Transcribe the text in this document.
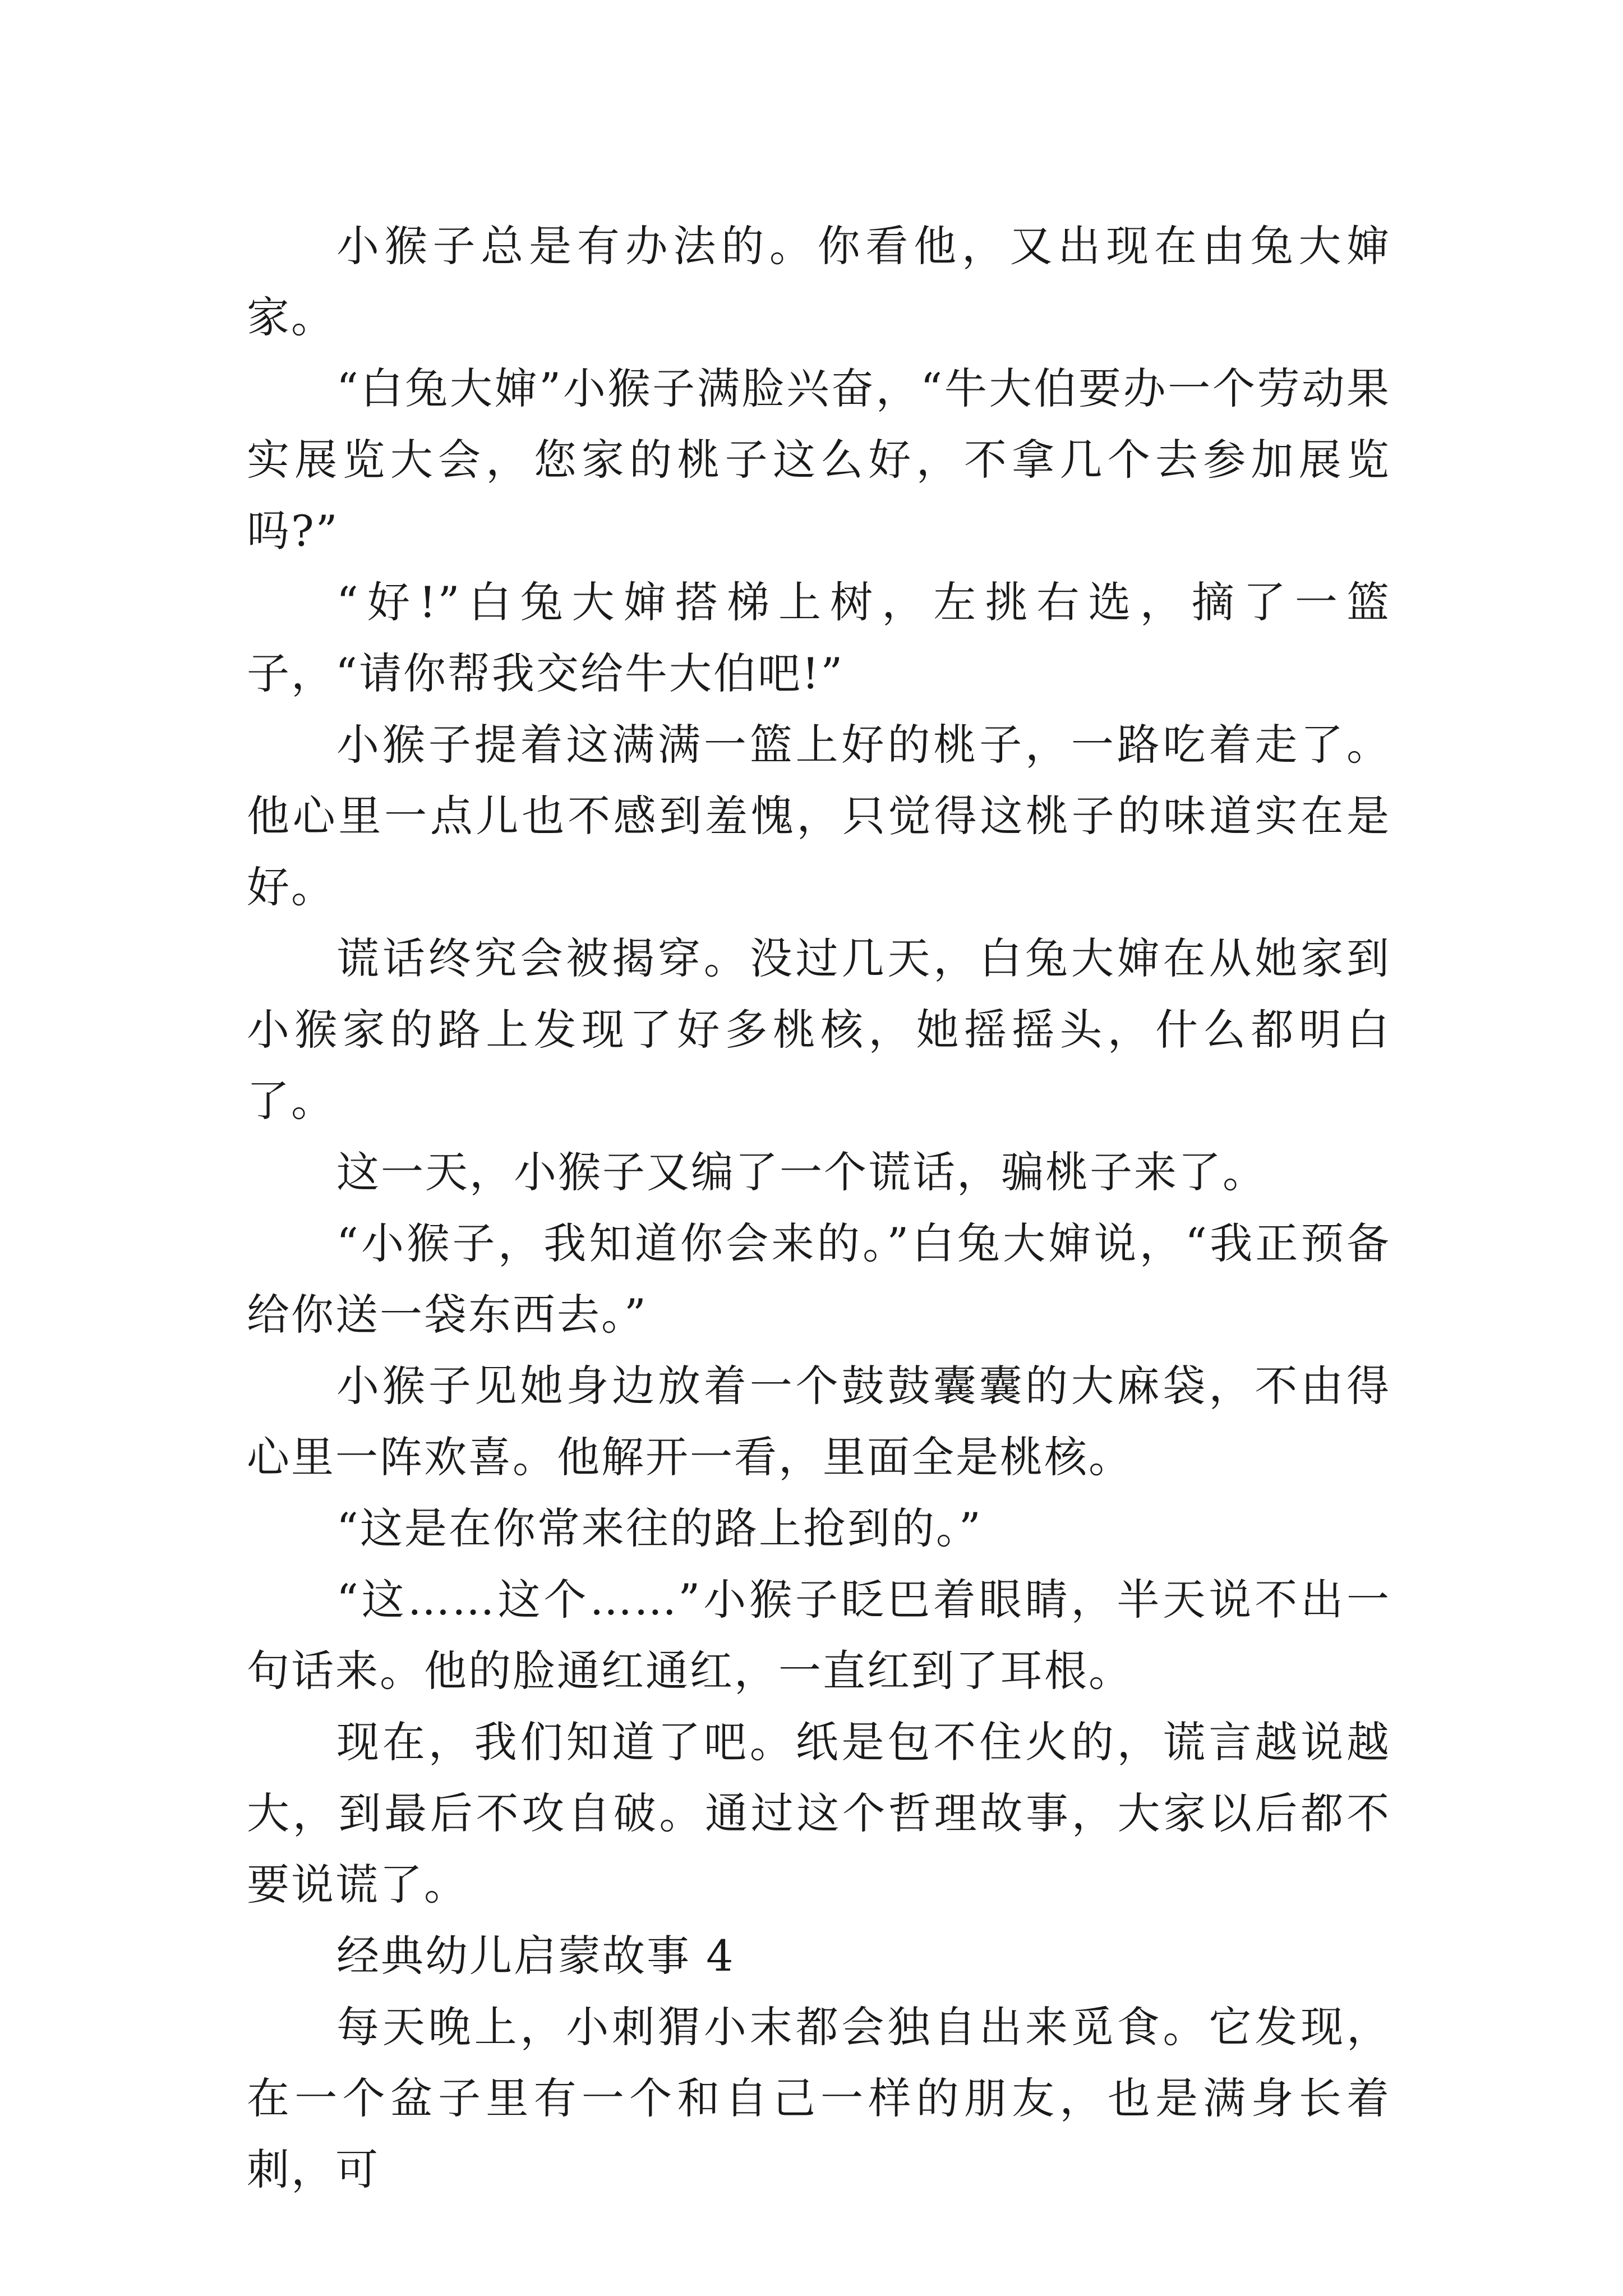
小猴子总是有办法的。你看他，又出现在由兔大婶家。

“白兔大婶”小猴子满脸兴奋，“牛大伯要办一个劳动果实展览大会，您家的桃子这么好，不拿几个去参加展览吗?”

“好!”白兔大婶搭梯上树，左挑右选，摘了一篮子，“请你帮我交给牛大伯吧!”

小猴子提着这满满一篮上好的桃子，一路吃着走了。他心里一点儿也不感到羞愧，只觉得这桃子的味道实在是好。

谎话终究会被揭穿。没过几天，白兔大婶在从她家到小猴家的路上发现了好多桃核，她摇摇头，什么都明白了。

这一天，小猴子又编了一个谎话，骗桃子来了。

“小猴子，我知道你会来的。”白兔大婶说，“我正预备给你送一袋东西去。”

小猴子见她身边放着一个鼓鼓囊囊的大麻袋，不由得心里一阵欢喜。他解开一看，里面全是桃核。

“这是在你常来往的路上抢到的。”

“这……这个……”小猴子眨巴着眼睛，半天说不出一句话来。他的脸通红通红，一直红到了耳根。

现在，我们知道了吧。纸是包不住火的，谎言越说越大，到最后不攻自破。通过这个哲理故事，大家以后都不要说谎了。

经典幼儿启蒙故事 4

每天晚上，小刺猬小末都会独自出来觅食。它发现，在一个盆子里有一个和自己一样的朋友，也是满身长着刺，可
